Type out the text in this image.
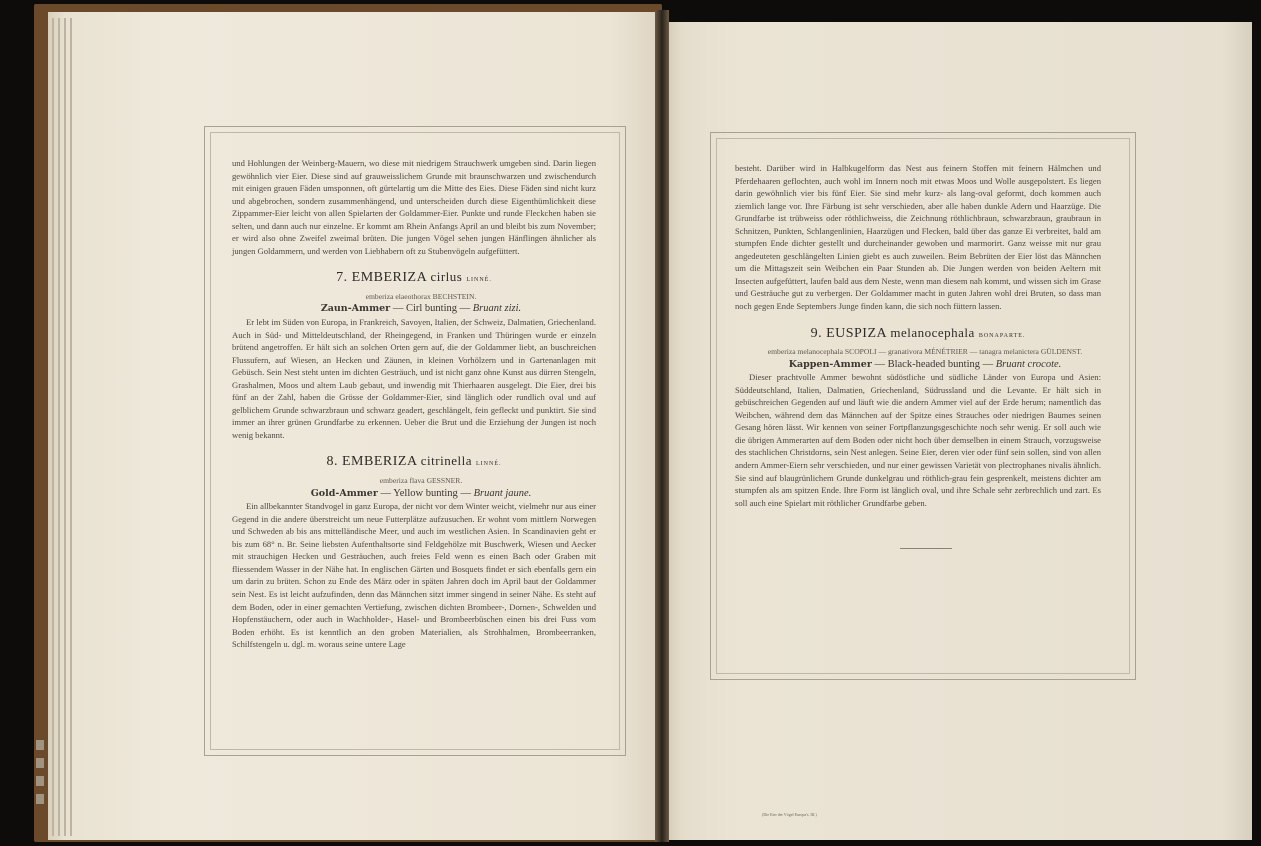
und Hohlungen der Weinberg-Mauern, wo diese mit niedrigem Strauchwerk umgeben sind. Darin liegen gewöhnlich vier Eier. Diese sind auf grauweisslichem Grunde mit braunschwarzen und zwischendurch mit einigen grauen Fäden umsponnen, oft gürtelartig um die Mitte des Eies. Diese Fäden sind nicht kurz und abgebrochen, sondern zusammenhängend, und unterscheiden durch diese Eigenthümlichkeit diese Zippammer-Eier leicht von allen Spielarten der Goldammer-Eier. Punkte und runde Fleckchen haben sie selten, und dann auch nur einzelne. Er kommt am Rhein Anfangs April an und bleibt bis zum November; er wird also ohne Zweifel zweimal brüten. Die jungen Vögel sehen jungen Hänflingen ähnlicher als jungen Goldammern, und werden von Liebhabern oft zu Stubenvögeln aufgefüttert.

7. EMBERIZA cirlus LINNÉ.

emberiza elaeothorax BECHSTEIN.

Zaun-Ammer — Cirl bunting — Bruant zizi.

Er lebt im Süden von Europa, in Frankreich, Savoyen, Italien, der Schweiz, Dalmatien, Griechenland. Auch in Süd- und Mitteldeutschland, der Rheingegend, in Franken und Thüringen wurde er einzeln brütend angetroffen. Er hält sich an solchen Orten gern auf, die der Goldammer liebt, an buschreichen Flussufern, auf Wiesen, an Hecken und Zäunen, in kleinen Vorhölzern und in Gartenanlagen mit Gebüsch. Sein Nest steht unten im dichten Gesträuch, und ist nicht ganz ohne Kunst aus dürren Stengeln, Grashalmen, Moos und altem Laub gebaut, und inwendig mit Thierhaaren ausgelegt. Die Eier, drei bis fünf an der Zahl, haben die Grösse der Goldammer-Eier, sind länglich oder rundlich oval und auf gelblichem Grunde schwarzbraun und schwarz geadert, geschlängelt, fein gefleckt und punktirt. Sie sind immer an ihrer grünen Grundfarbe zu erkennen. Ueber die Brut und die Erziehung der Jungen ist noch wenig bekannt.

8. EMBERIZA citrinella LINNÉ.

emberiza flava GESSNER.

Gold-Ammer — Yellow bunting — Bruant jaune.

Ein allbekannter Standvogel in ganz Europa, der nicht vor dem Winter weicht, vielmehr nur aus einer Gegend in die andere überstreicht um neue Futterplätze aufzusuchen. Er wohnt vom mittlern Norwegen und Schweden ab bis ans mittelländische Meer, und auch im westlichen Asien. In Scandinavien geht er bis zum 68° n. Br. Seine liebsten Aufenthaltsorte sind Feldgehölze mit Buschwerk, Wiesen und Aecker mit strauchigen Hecken und Gesträuchen, auch freies Feld wenn es einen Bach oder Graben mit fliessendem Wasser in der Nähe hat. In englischen Gärten und Bosquets findet er sich ebenfalls gern ein um darin zu brüten. Schon zu Ende des März oder in späten Jahren doch im April baut der Goldammer sein Nest. Es ist leicht aufzufinden, denn das Männchen sitzt immer singend in seiner Nähe. Es steht auf dem Boden, oder in einer gemachten Vertiefung, zwischen dichten Brombeer-, Dornen-, Schwelden und Hopfenstäuchern, oder auch in Wachholder-, Hasel- und Brombeerbüschen einen bis drei Fuss vom Boden erhöht. Es ist kenntlich an den groben Materialien, als Strohhalmen, Brombeerranken, Schilfstengeln u. dgl. m. woraus seine untere Lage

besteht. Darüber wird in Halbkugelform das Nest aus feinern Stoffen mit feinern Hälmchen und Pferdehaaren geflochten, auch wohl im Innern noch mit etwas Moos und Wolle ausgepolstert. Es liegen darin gewöhnlich vier bis fünf Eier. Sie sind mehr kurz- als lang-oval geformt, doch kommen auch ziemlich lange vor. Ihre Färbung ist sehr verschieden, aber alle haben dunkle Adern und Haarzüge. Die Grundfarbe ist trübweiss oder röthlichweiss, die Zeichnung röthlichbraun, schwarzbraun, graubraun in Schnitzen, Punkten, Schlangenlinien, Haarzügen und Flecken, bald über das ganze Ei verbreitet, bald am stumpfen Ende dichter gestellt und durcheinander gewoben und marmorirt. Ganz weisse mit nur grau angedeuteten geschlängelten Linien giebt es auch zuweilen. Beim Bebrüten der Eier löst das Männchen um die Mittagszeit sein Weibchen ein Paar Stunden ab. Die Jungen werden von beiden Aeltern mit Insecten aufgefüttert, laufen bald aus dem Neste, wenn man diesem nah kommt, und wissen sich im Grase und Gesträuche gut zu verbergen. Der Goldammer macht in guten Jahren wohl drei Bruten, so dass man noch gegen Ende Septembers Junge finden kann, die sich noch füttern lassen.

9. EUSPIZA melanocephala BONAPARTE.

emberiza melanocephala SCOPOLI — granativora MÉNÉTRIER — tanagra melanictera GÜLDENST.

Kappen-Ammer — Black-headed bunting — Bruant crocote.

Dieser prachtvolle Ammer bewohnt südöstliche und südliche Länder von Europa und Asien: Süddeutschland, Italien, Dalmatien, Griechenland, Südrussland und die Levante. Er hält sich in gebüschreichen Gegenden auf und läuft wie die andern Ammer viel auf der Erde herum; namentlich das Weibchen, während dem das Männchen auf der Spitze eines Strauches oder niedrigen Baumes seinen Gesang hören lässt. Wir kennen von seiner Fortpflanzungsgeschichte noch sehr wenig. Er soll auch wie die übrigen Ammerarten auf dem Boden oder nicht hoch über demselben in einem Strauch, vorzugsweise des stachlichen Christdorns, sein Nest anlegen. Seine Eier, deren vier oder fünf sein sollen, sind von allen andern Ammer-Eiern sehr verschieden, und nur einer gewissen Varietät von plectrophanes nivalis ähnlich. Sie sind auf blaugrünlichem Grunde dunkelgrau und röthlich-grau fein gesprenkelt, meistens dichter am stumpfen als am spitzen Ende. Ihre Form ist länglich oval, und ihre Schale sehr zerbrechlich und zart. Es soll auch eine Spielart mit röthlicher Grundfarbe geben.

(Die Eier der Vögel Europa's. III.)
